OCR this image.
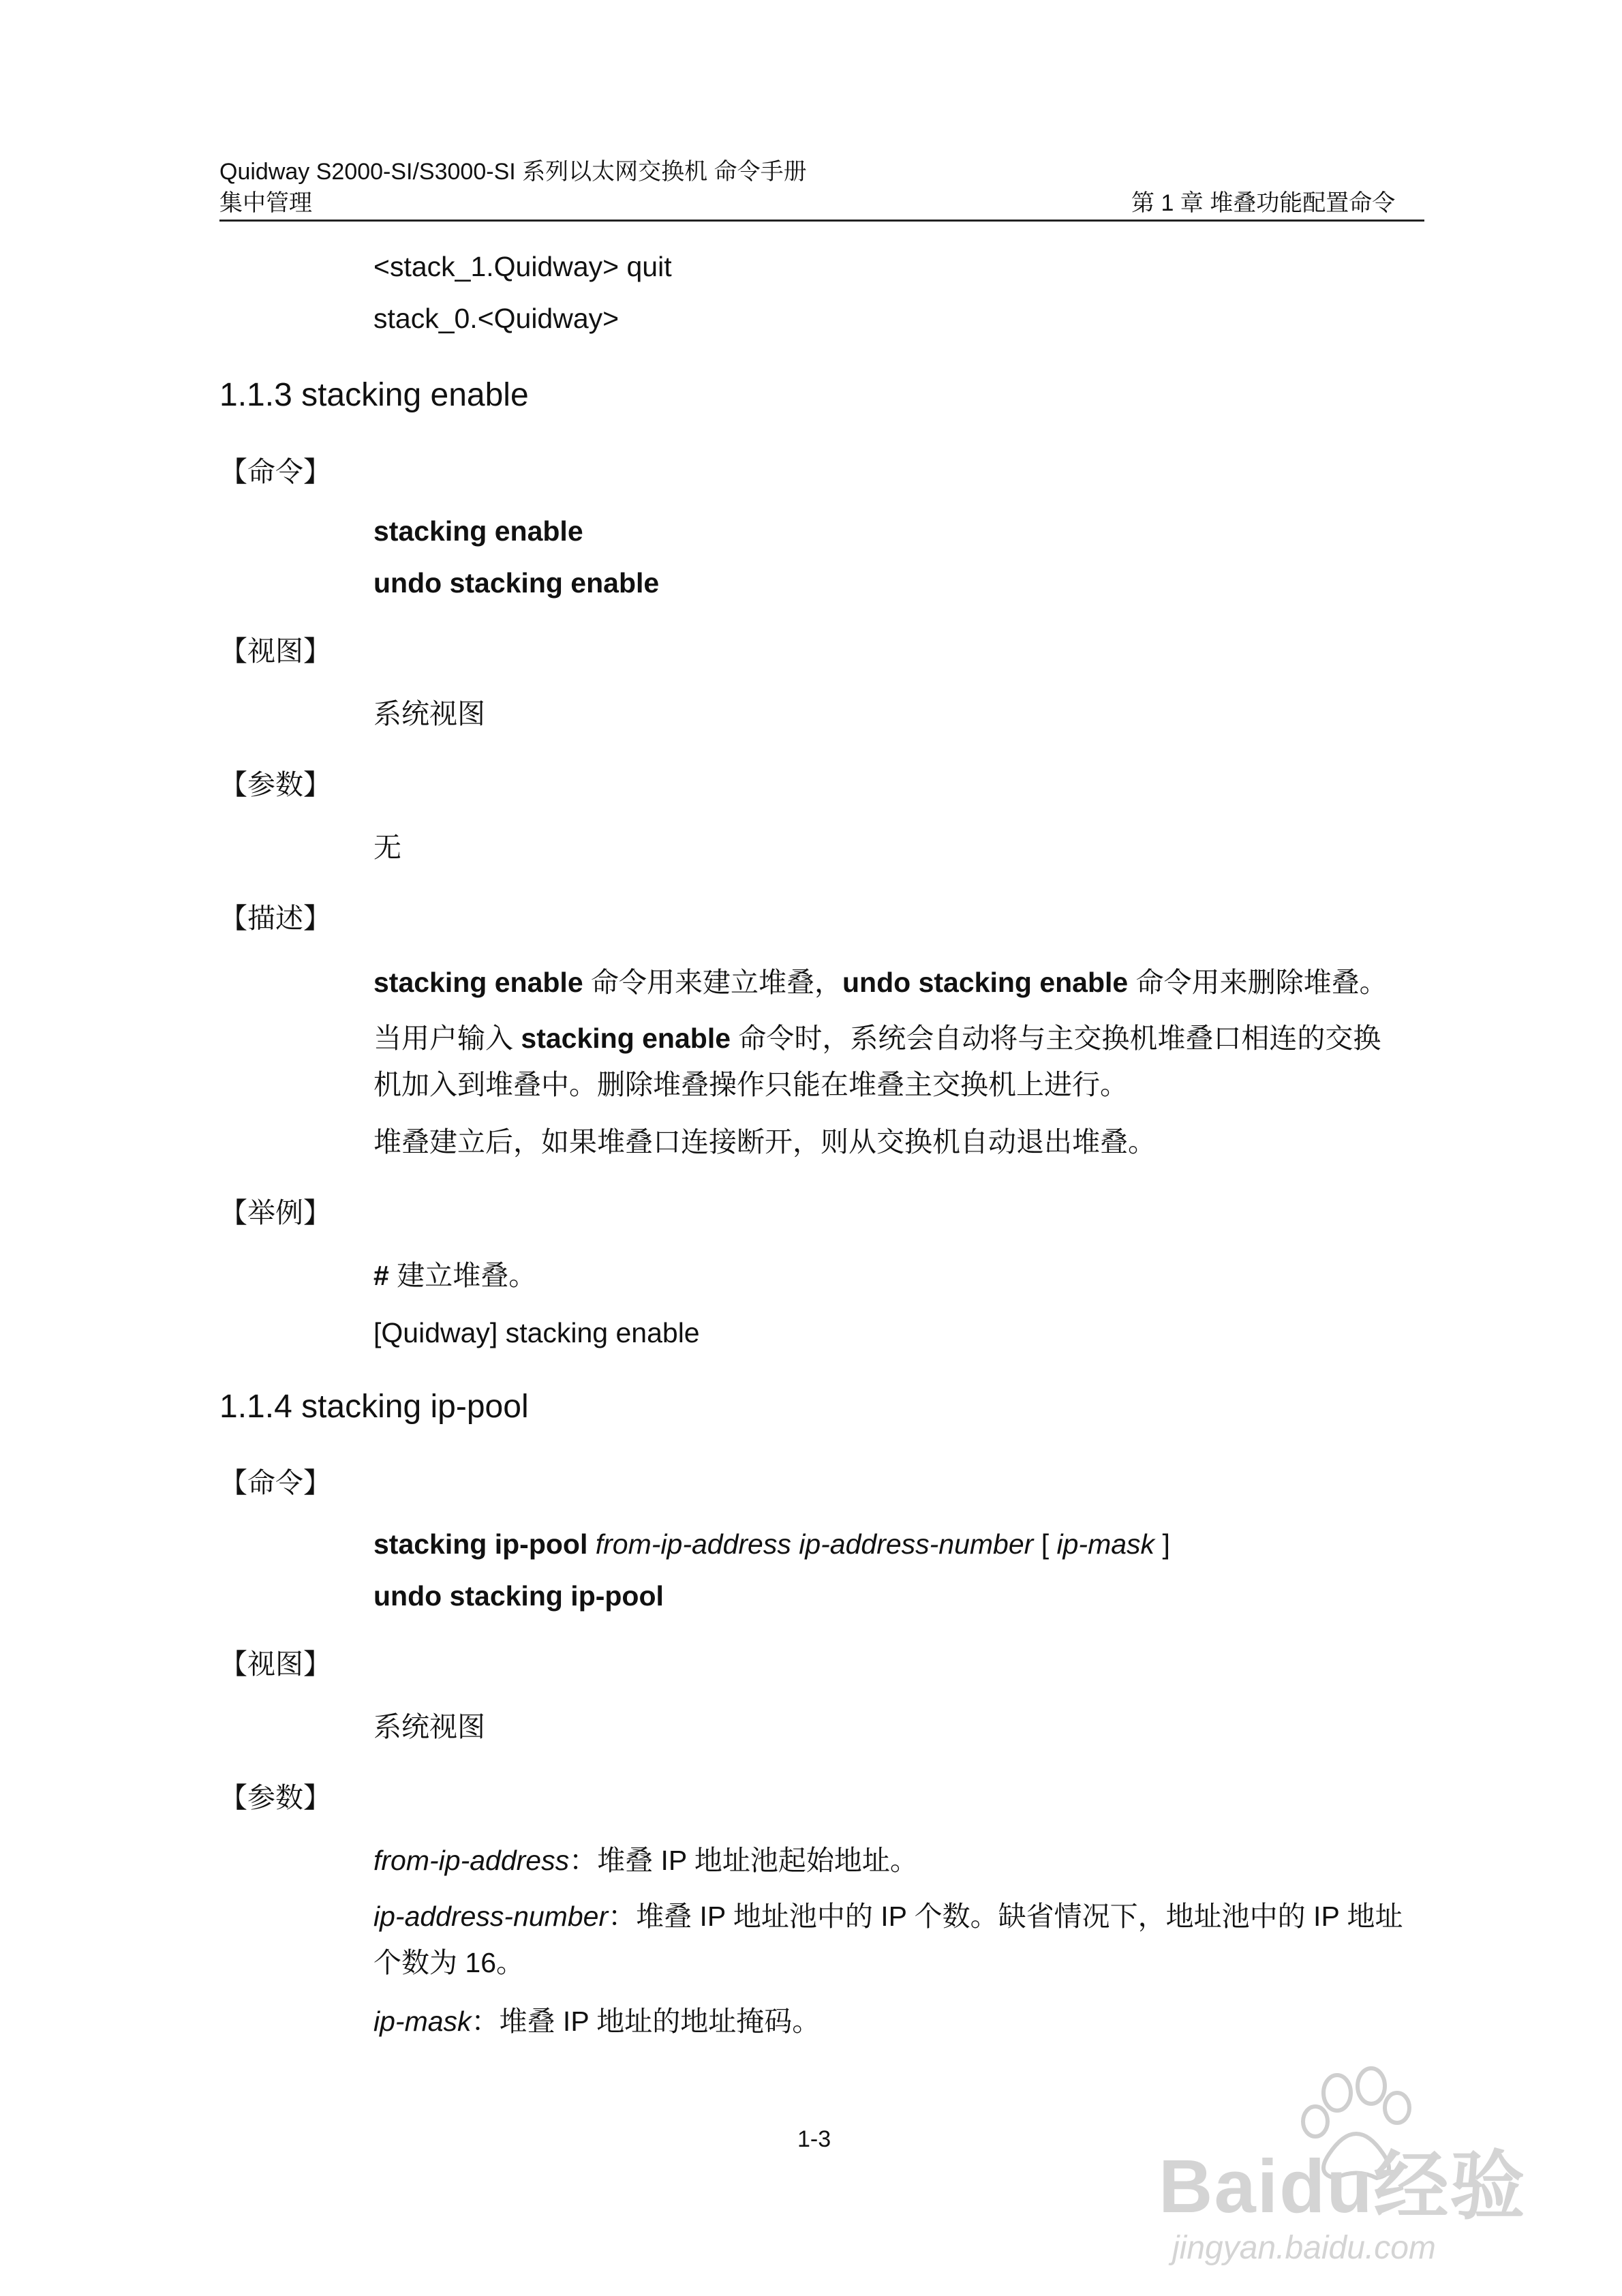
Quidway S2000-SI/S3000-SI 系列以太网交换机 命令手册
集中管理	第 1 章 堆叠功能配置命令
<stack_1.Quidway> quit
stack_0.<Quidway>
1.1.3 stacking enable
【命令】
stacking enable
undo stacking enable
【视图】
系统视图
【参数】
无
【描述】
stacking enable 命令用来建立堆叠，undo stacking enable 命令用来删除堆叠。
当用户输入 stacking enable 命令时，系统会自动将与主交换机堆叠口相连的交换
机加入到堆叠中。删除堆叠操作只能在堆叠主交换机上进行。
堆叠建立后，如果堆叠口连接断开，则从交换机自动退出堆叠。
【举例】
# 建立堆叠。
[Quidway] stacking enable
1.1.4 stacking ip-pool
【命令】
stacking ip-pool from-ip-address ip-address-number [ ip-mask ]
undo stacking ip-pool
【视图】
系统视图
【参数】
from-ip-address：堆叠 IP 地址池起始地址。
ip-address-number：堆叠 IP 地址池中的 IP 个数。缺省情况下，地址池中的 IP 地址
个数为 16。
ip-mask：堆叠 IP 地址的地址掩码。
1-3
Baidu经验
jingyan.baidu.com
